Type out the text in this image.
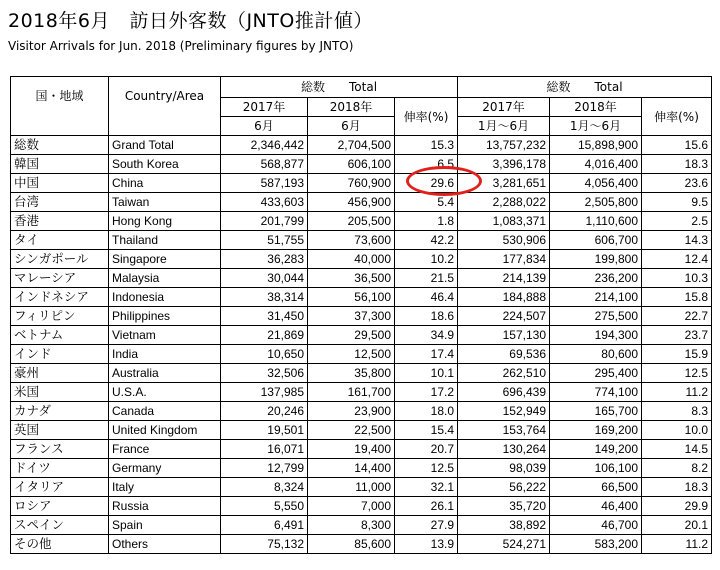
2018年6月　訪日外客数（JNTO推計値）
Visitor Arrivals for Jun. 2018 (Preliminary figures by JNTO)
国・地域	Country/Area	総数　　 Total			総数　　 Total		
		2017年	2018年	伸率(%)	2017年	2018年	伸率(%)
		6月	6月		1月～6月	1月～6月	
総数	Grand Total	2,346,442	2,704,500	15.3	13,757,232	15,898,900	15.6
韓国	South Korea	568,877	606,100	6.5	3,396,178	4,016,400	18.3
中国	China	587,193	760,900	29.6	3,281,651	4,056,400	23.6
台湾	Taiwan	433,603	456,900	5.4	2,288,022	2,505,800	9.5
香港	Hong Kong	201,799	205,500	1.8	1,083,371	1,110,600	2.5
タイ	Thailand	51,755	73,600	42.2	530,906	606,700	14.3
シンガポール	Singapore	36,283	40,000	10.2	177,834	199,800	12.4
マレーシア	Malaysia	30,044	36,500	21.5	214,139	236,200	10.3
インドネシア	Indonesia	38,314	56,100	46.4	184,888	214,100	15.8
フィリピン	Philippines	31,450	37,300	18.6	224,507	275,500	22.7
ベトナム	Vietnam	21,869	29,500	34.9	157,130	194,300	23.7
インド	India	10,650	12,500	17.4	69,536	80,600	15.9
豪州	Australia	32,506	35,800	10.1	262,510	295,400	12.5
米国	U.S.A.	137,985	161,700	17.2	696,439	774,100	11.2
カナダ	Canada	20,246	23,900	18.0	152,949	165,700	8.3
英国	United Kingdom	19,501	22,500	15.4	153,764	169,200	10.0
フランス	France	16,071	19,400	20.7	130,264	149,200	14.5
ドイツ	Germany	12,799	14,400	12.5	98,039	106,100	8.2
イタリア	Italy	8,324	11,000	32.1	56,222	66,500	18.3
ロシア	Russia	5,550	7,000	26.1	35,720	46,400	29.9
スペイン	Spain	6,491	8,300	27.9	38,892	46,700	20.1
その他	Others	75,132	85,600	13.9	524,271	583,200	11.2
